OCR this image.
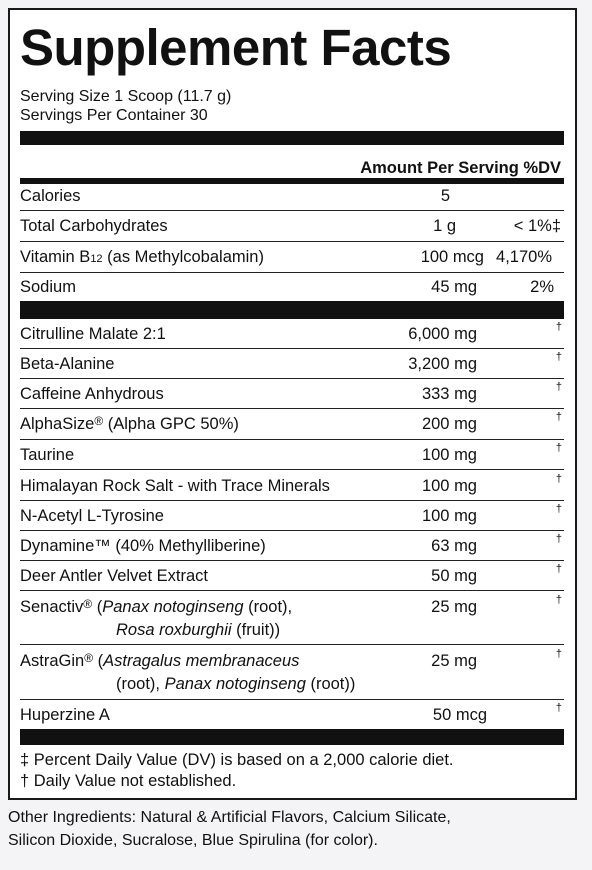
Supplement Facts
Serving Size 1 Scoop (11.7 g)
Servings Per Container 30
Amount Per Serving %DV
Calories	5
Total Carbohydrates	1 g	< 1%‡
Vitamin B12 (as Methylcobalamin)	100 mcg 4,170%
Sodium	45 mg	2%
Citrulline Malate 2:1	6,000 mg	†
Beta-Alanine	3,200 mg	†
Caffeine Anhydrous	333 mg	†
AlphaSize® (Alpha GPC 50%)	200 mg	†
Taurine	100 mg	†
Himalayan Rock Salt - with Trace Minerals	100 mg	†
N-Acetyl L-Tyrosine	100 mg	†
Dynamine™ (40% Methylliberine)	63 mg	†
Deer Antler Velvet Extract	50 mg	†
Senactiv® (Panax notoginseng (root),
Rosa roxburghii (fruit))
25 mg	†
AstraGin® (Astragalus membranaceus
(root), Panax notoginseng (root))
25 mg	†
Huperzine A	50 mcg	†
‡ Percent Daily Value (DV) is based on a 2,000 calorie diet.
† Daily Value not established.
Other Ingredients: Natural & Artificial Flavors, Calcium Silicate,
Silicon Dioxide, Sucralose, Blue Spirulina (for color).
